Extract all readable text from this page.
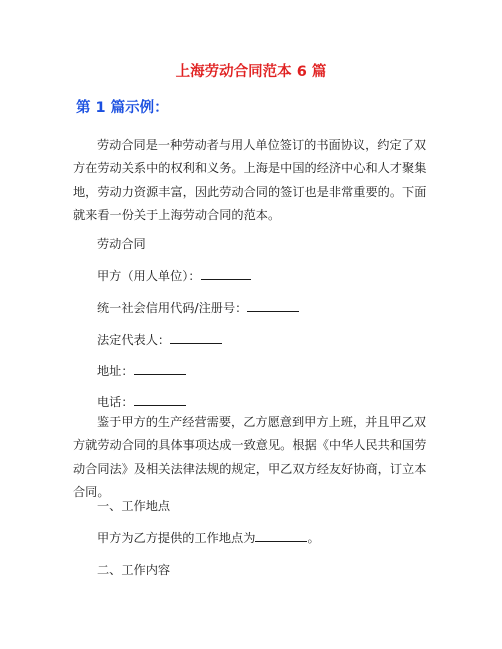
上海劳动合同范本 6 篇
第 1 篇示例：
劳动合同是一种劳动者与用人单位签订的书面协议，约定了双方在劳动关系中的权利和义务。上海是中国的经济中心和人才聚集地，劳动力资源丰富，因此劳动合同的签订也是非常重要的。下面就来看一份关于上海劳动合同的范本。
劳动合同
甲方（用人单位）：
统一社会信用代码/注册号：
法定代表人：
地址：
电话：
鉴于甲方的生产经营需要，乙方愿意到甲方上班，并且甲乙双方就劳动合同的具体事项达成一致意见。根据《中华人民共和国劳动合同法》及相关法律法规的规定，甲乙双方经友好协商，订立本合同。
一、工作地点
甲方为乙方提供的工作地点为	。
二、工作内容
